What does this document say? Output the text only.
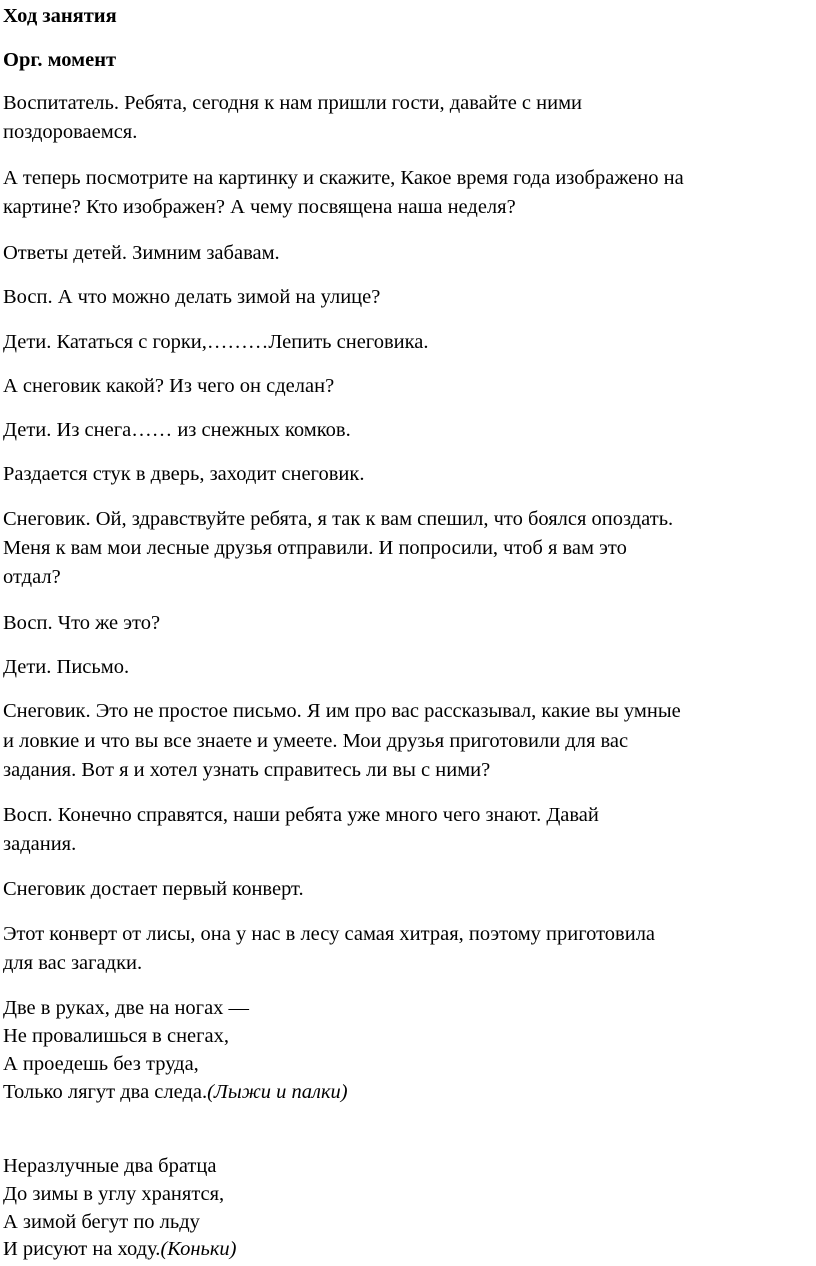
Ход занятия
Орг. момент
Воспитатель. Ребята, сегодня к нам пришли гости, давайте с ними
поздороваемся.
А теперь посмотрите на картинку и скажите, Какое время года изображено на
картине? Кто изображен? А чему посвящена наша неделя?
Ответы детей. Зимним забавам.
Восп. А что можно делать зимой на улице?
Дети. Кататься с горки,………Лепить снеговика.
А снеговик какой? Из чего он сделан?
Дети. Из снега…… из снежных комков.
Раздается стук в дверь, заходит снеговик.
Снеговик. Ой, здравствуйте ребята, я так к вам спешил, что боялся опоздать.
Меня к вам мои лесные друзья отправили. И попросили, чтоб я вам это
отдал?
Восп. Что же это?
Дети. Письмо.
Снеговик. Это не простое письмо. Я им про вас рассказывал, какие вы умные
и ловкие и что вы все знаете и умеете. Мои друзья приготовили для вас
задания. Вот я и хотел узнать справитесь ли вы с ними?
Восп. Конечно справятся, наши ребята уже много чего знают. Давай
задания.
Снеговик достает первый конверт.
Этот конверт от лисы, она у нас в лесу самая хитрая, поэтому приготовила
для вас загадки.
Две в руках, две на ногах —
Не провалишься в снегах,
А проедешь без труда,
Только лягут два следа.(Лыжи и палки)
Неразлучные два братца
До зимы в углу хранятся,
А зимой бегут по льду
И рисуют на ходу.(Коньки)
